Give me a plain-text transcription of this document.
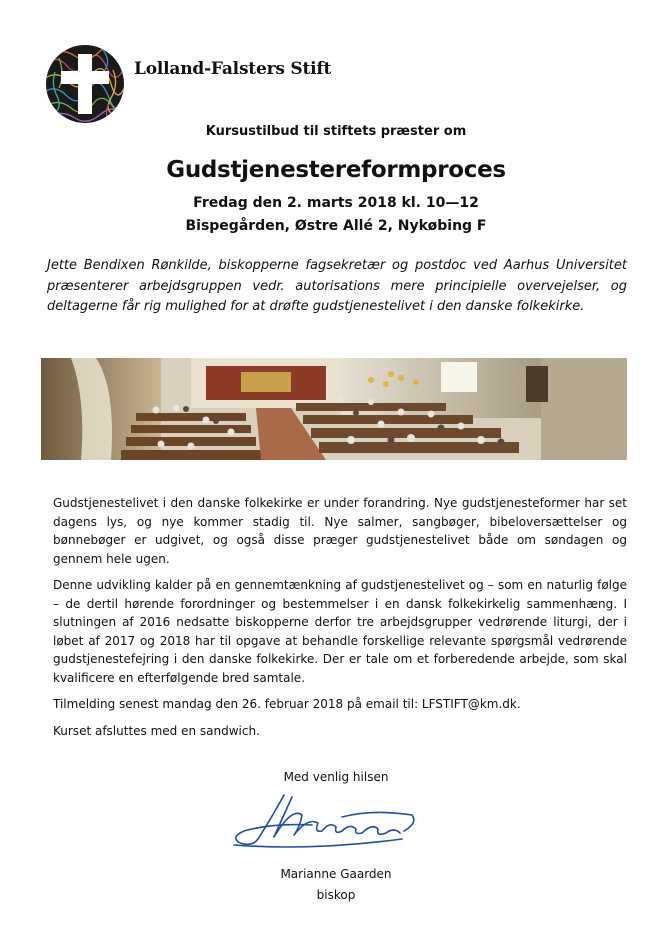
Lolland-Falsters Stift
Kursustilbud til stiftets præster om
Gudstjenestereformproces
Fredag den 2. marts 2018 kl. 10—12
Bispegården, Østre Allé 2, Nykøbing F

Jette Bendixen Rønkilde, biskopperne fagsekretær og postdoc ved Aarhus Universitet præsenterer arbejdsgruppen vedr. autorisations mere principielle overvejelser, og deltagerne får rig mulighed for at drøfte gudstjenestelivet i den danske folkekirke.

Gudstjenestelivet i den danske folkekirke er under forandring. Nye gudstjenesteformer har set dagens lys, og nye kommer stadig til. Nye salmer, sangbøger, bibeloversættelser og bønnebøger er udgivet, og også disse præger gudstjenestelivet både om søndagen og gennem hele ugen.

Denne udvikling kalder på en gennemtænkning af gudstjenestelivet og – som en naturlig følge – de dertil hørende forordninger og bestemmelser i en dansk folkekirkelig sammenhæng. I slutningen af 2016 nedsatte biskopperne derfor tre arbejdsgrupper vedrørende liturgi, der i løbet af 2017 og 2018 har til opgave at behandle forskellige relevante spørgsmål vedrørende gudstjenestefejring i den danske folkekirke. Der er tale om et forberedende arbejde, som skal kvalificere en efterfølgende bred samtale.

Tilmelding senest mandag den 26. februar 2018 på email til: LFSTIFT@km.dk.

Kurset afsluttes med en sandwich.

Med venlig hilsen
Marianne Gaarden
biskop
